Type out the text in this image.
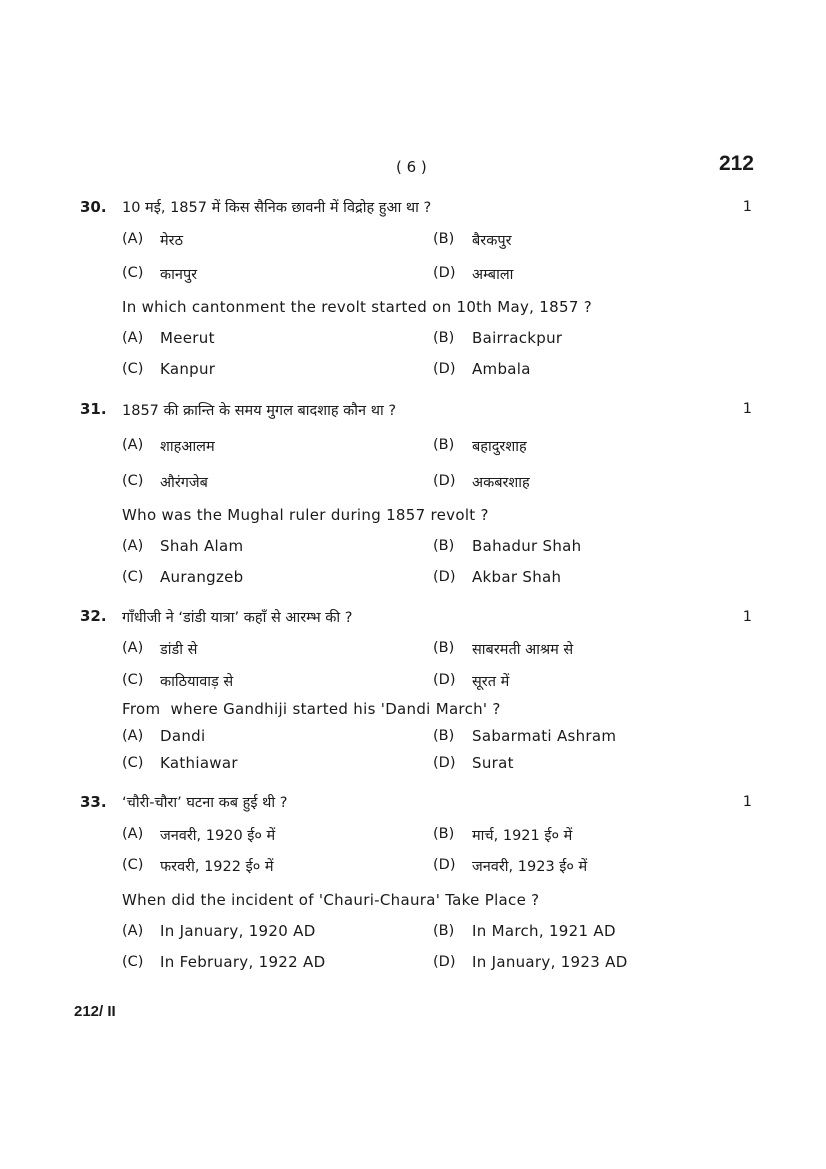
( 6 )	212
30. 10 मई, 1857 में किस सैनिक छावनी में विद्रोह हुआ था ?	1
(A) मेरठ	(B) बैरकपुर
(C) कानपुर	(D) अम्बाला
In which cantonment the revolt started on 10th May, 1857 ?
(A) Meerut	(B) Bairrackpur
(C) Kanpur	(D) Ambala
31. 1857 की क्रान्ति के समय मुगल बादशाह कौन था ?	1
(A) शाहआलम	(B) बहादुरशाह
(C) औरंगजेब	(D) अकबरशाह
Who was the Mughal ruler during 1857 revolt ?
(A) Shah Alam	(B) Bahadur Shah
(C) Aurangzeb	(D) Akbar Shah
32. गाँधीजी ने ‘डांडी यात्रा’ कहाँ से आरम्भ की ?	1
(A) डांडी से	(B) साबरमती आश्रम से
(C) काठियावाड़ से	(D) सूरत में
From  where Gandhiji started his 'Dandi March' ?
(A) Dandi	(B) Sabarmati Ashram
(C) Kathiawar	(D) Surat
33. ‘चौरी-चौरा’ घटना कब हुई थी ?	1
(A) जनवरी, 1920 ई० में	(B) मार्च, 1921 ई० में
(C) फरवरी, 1922 ई० में	(D) जनवरी, 1923 ई० में
When did the incident of 'Chauri-Chaura' Take Place ?
(A) In January, 1920 AD	(B) In March, 1921 AD
(C) In February, 1922 AD	(D) In January, 1923 AD
212/ II
